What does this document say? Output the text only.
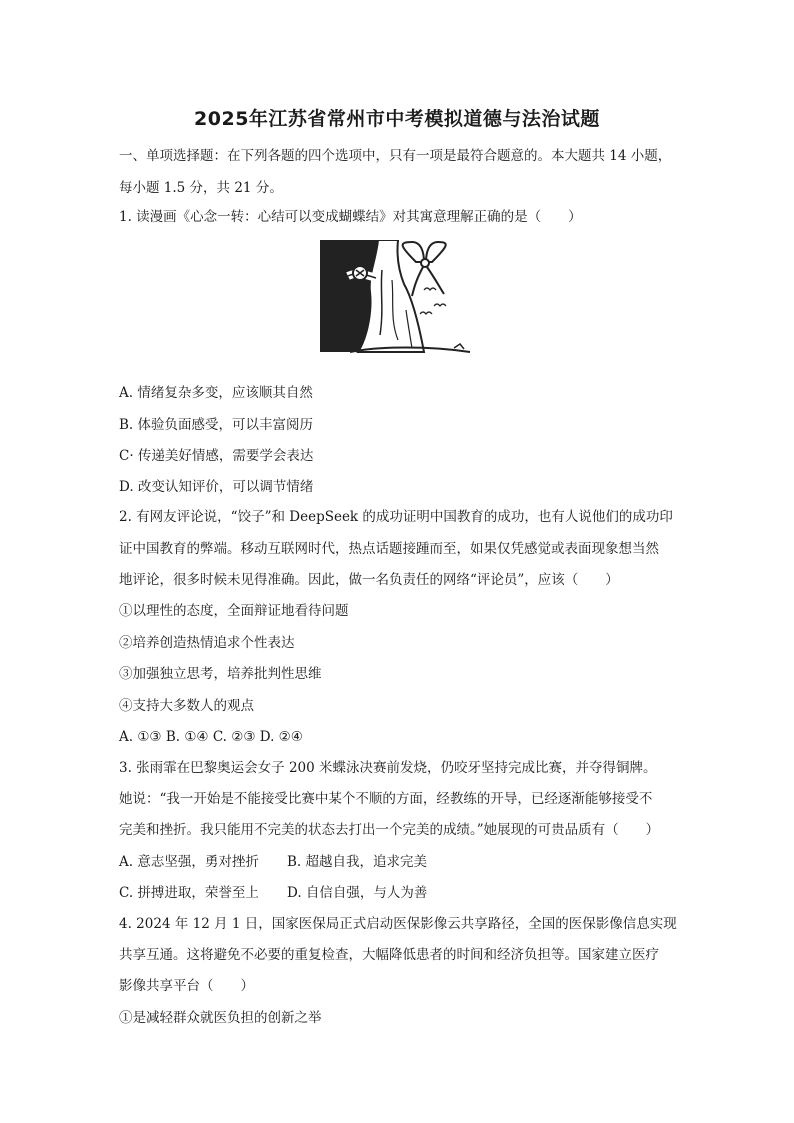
2025年江苏省常州市中考模拟道德与法治试题
一、单项选择题：在下列各题的四个选项中，只有一项是最符合题意的。本大题共 14 小题，
每小题 1.5 分，共 21 分。
1. 读漫画《心念一转：心结可以变成蝴蝶结》对其寓意理解正确的是（　　）
A. 情绪复杂多变，应该顺其自然
B. 体验负面感受，可以丰富阅历
C· 传递美好情感，需要学会表达
D. 改变认知评价，可以调节情绪
2. 有网友评论说，“饺子”和 DeepSeek 的成功证明中国教育的成功，也有人说他们的成功印
证中国教育的弊端。移动互联网时代，热点话题接踵而至，如果仅凭感觉或表面现象想当然
地评论，很多时候未见得准确。因此，做一名负责任的网络“评论员”，应该（　　）
①以理性的态度，全面辩证地看待问题
②培养创造热情追求个性表达
③加强独立思考，培养批判性思维
④支持大多数人的观点
A. ①③ B. ①④ C. ②③ D. ②④
3. 张雨霏在巴黎奥运会女子 200 米蝶泳决赛前发烧，仍咬牙坚持完成比赛，并夺得铜牌。
她说：“我一开始是不能接受比赛中某个不顺的方面，经教练的开导，已经逐渐能够接受不
完美和挫折。我只能用不完美的状态去打出一个完美的成绩。”她展现的可贵品质有（　　）
A. 意志坚强，勇对挫折 B. 超越自我，追求完美
C. 拼搏进取，荣誉至上 D. 自信自强，与人为善
4. 2024 年 12 月 1 日，国家医保局正式启动医保影像云共享路径，全国的医保影像信息实现
共享互通。这将避免不必要的重复检查，大幅降低患者的时间和经济负担等。国家建立医疗
影像共享平台（　　）
①是减轻群众就医负担的创新之举
